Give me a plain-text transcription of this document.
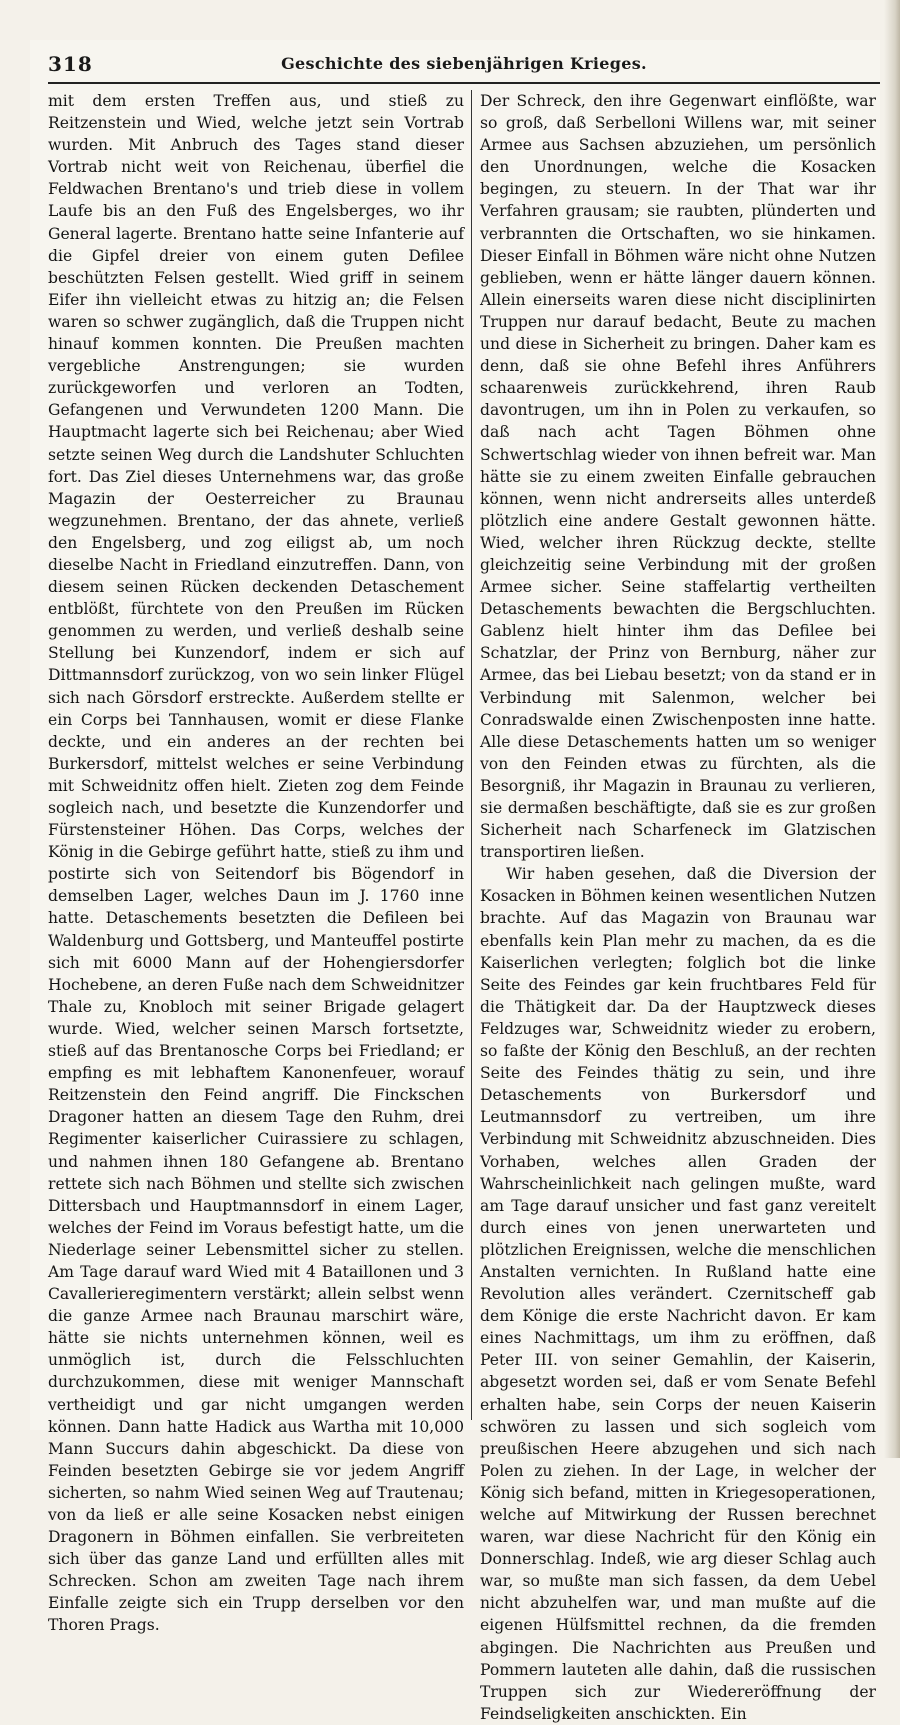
318	Geschichte des siebenjährigen Krieges.

mit dem ersten Treffen aus, und stieß zu Reitzenstein und Wied, welche jetzt sein Vortrab wurden. Mit Anbruch des Tages stand dieser Vortrab nicht weit von Reichenau, überfiel die Feldwachen Brentano's und trieb diese in vollem Laufe bis an den Fuß des Engelsberges, wo ihr General lagerte. Brentano hatte seine Infanterie auf die Gipfel dreier von einem guten Defilee beschützten Felsen gestellt. Wied griff in seinem Eifer ihn vielleicht etwas zu hitzig an; die Felsen waren so schwer zugänglich, daß die Truppen nicht hinauf kommen konnten. Die Preußen machten vergebliche Anstrengungen; sie wurden zurückgeworfen und verloren an Todten, Gefangenen und Verwundeten 1200 Mann. Die Hauptmacht lagerte sich bei Reichenau; aber Wied setzte seinen Weg durch die Landshuter Schluchten fort. Das Ziel dieses Unternehmens war, das große Magazin der Oesterreicher zu Braunau wegzunehmen. Brentano, der das ahnete, verließ den Engelsberg, und zog eiligst ab, um noch dieselbe Nacht in Friedland einzutreffen. Dann, von diesem seinen Rücken deckenden Detaschement entblößt, fürchtete von den Preußen im Rücken genommen zu werden, und verließ deshalb seine Stellung bei Kunzendorf, indem er sich auf Dittmannsdorf zurückzog, von wo sein linker Flügel sich nach Görsdorf erstreckte. Außerdem stellte er ein Corps bei Tannhausen, womit er diese Flanke deckte, und ein anderes an der rechten bei Burkersdorf, mittelst welches er seine Verbindung mit Schweidnitz offen hielt. Zieten zog dem Feinde sogleich nach, und besetzte die Kunzendorfer und Fürstensteiner Höhen. Das Corps, welches der König in die Gebirge geführt hatte, stieß zu ihm und postirte sich von Seitendorf bis Bögendorf in demselben Lager, welches Daun im J. 1760 inne hatte. Detaschements besetzten die Defileen bei Waldenburg und Gottsberg, und Manteuffel postirte sich mit 6000 Mann auf der Hohengiersdorfer Hochebene, an deren Fuße nach dem Schweidnitzer Thale zu, Knobloch mit seiner Brigade gelagert wurde. Wied, welcher seinen Marsch fortsetzte, stieß auf das Brentanosche Corps bei Friedland; er empfing es mit lebhaftem Kanonenfeuer, worauf Reitzenstein den Feind angriff. Die Finckschen Dragoner hatten an diesem Tage den Ruhm, drei Regimenter kaiserlicher Cuirassiere zu schlagen, und nahmen ihnen 180 Gefangene ab. Brentano rettete sich nach Böhmen und stellte sich zwischen Dittersbach und Hauptmannsdorf in einem Lager, welches der Feind im Voraus befestigt hatte, um die Niederlage seiner Lebensmittel sicher zu stellen. Am Tage darauf ward Wied mit 4 Bataillonen und 3 Cavallerieregimentern verstärkt; allein selbst wenn die ganze Armee nach Braunau marschirt wäre, hätte sie nichts unternehmen können, weil es unmöglich ist, durch die Felsschluchten durchzukommen, diese mit weniger Mannschaft vertheidigt und gar nicht umgangen werden können. Dann hatte Hadick aus Wartha mit 10,000 Mann Succurs dahin abgeschickt. Da diese von Feinden besetzten Gebirge sie vor jedem Angriff sicherten, so nahm Wied seinen Weg auf Trautenau; von da ließ er alle seine Kosacken nebst einigen Dragonern in Böhmen einfallen. Sie verbreiteten sich über das ganze Land und erfüllten alles mit Schrecken. Schon am zweiten Tage nach ihrem Einfalle zeigte sich ein Trupp derselben vor den Thoren Prags.

Der Schreck, den ihre Gegenwart einflößte, war so groß, daß Serbelloni Willens war, mit seiner Armee aus Sachsen abzuziehen, um persönlich den Unordnungen, welche die Kosacken begingen, zu steuern. In der That war ihr Verfahren grausam; sie raubten, plünderten und verbrannten die Ortschaften, wo sie hinkamen. Dieser Einfall in Böhmen wäre nicht ohne Nutzen geblieben, wenn er hätte länger dauern können. Allein einerseits waren diese nicht disciplinirten Truppen nur darauf bedacht, Beute zu machen und diese in Sicherheit zu bringen. Daher kam es denn, daß sie ohne Befehl ihres Anführers schaarenweis zurückkehrend, ihren Raub davontrugen, um ihn in Polen zu verkaufen, so daß nach acht Tagen Böhmen ohne Schwertschlag wieder von ihnen befreit war. Man hätte sie zu einem zweiten Einfalle gebrauchen können, wenn nicht andrerseits alles unterdeß plötzlich eine andere Gestalt gewonnen hätte. Wied, welcher ihren Rückzug deckte, stellte gleichzeitig seine Verbindung mit der großen Armee sicher. Seine staffelartig vertheilten Detaschements bewachten die Bergschluchten. Gablenz hielt hinter ihm das Defilee bei Schatzlar, der Prinz von Bernburg, näher zur Armee, das bei Liebau besetzt; von da stand er in Verbindung mit Salenmon, welcher bei Conradswalde einen Zwischenposten inne hatte. Alle diese Detaschements hatten um so weniger von den Feinden etwas zu fürchten, als die Besorgniß, ihr Magazin in Braunau zu verlieren, sie dermaßen beschäftigte, daß sie es zur großen Sicherheit nach Scharfeneck im Glatzischen transportiren ließen.

Wir haben gesehen, daß die Diversion der Kosacken in Böhmen keinen wesentlichen Nutzen brachte. Auf das Magazin von Braunau war ebenfalls kein Plan mehr zu machen, da es die Kaiserlichen verlegten; folglich bot die linke Seite des Feindes gar kein fruchtbares Feld für die Thätigkeit dar. Da der Hauptzweck dieses Feldzuges war, Schweidnitz wieder zu erobern, so faßte der König den Beschluß, an der rechten Seite des Feindes thätig zu sein, und ihre Detaschements von Burkersdorf und Leutmannsdorf zu vertreiben, um ihre Verbindung mit Schweidnitz abzuschneiden. Dies Vorhaben, welches allen Graden der Wahrscheinlichkeit nach gelingen mußte, ward am Tage darauf unsicher und fast ganz vereitelt durch eines von jenen unerwarteten und plötzlichen Ereignissen, welche die menschlichen Anstalten vernichten. In Rußland hatte eine Revolution alles verändert. Czernitscheff gab dem Könige die erste Nachricht davon. Er kam eines Nachmittags, um ihm zu eröffnen, daß Peter III. von seiner Gemahlin, der Kaiserin, abgesetzt worden sei, daß er vom Senate Befehl erhalten habe, sein Corps der neuen Kaiserin schwören zu lassen und sich sogleich vom preußischen Heere abzugehen und sich nach Polen zu ziehen. In der Lage, in welcher der König sich befand, mitten in Kriegesoperationen, welche auf Mitwirkung der Russen berechnet waren, war diese Nachricht für den König ein Donnerschlag. Indeß, wie arg dieser Schlag auch war, so mußte man sich fassen, da dem Uebel nicht abzuhelfen war, und man mußte auf die eigenen Hülfsmittel rechnen, da die fremden abgingen. Die Nachrichten aus Preußen und Pommern lauteten alle dahin, daß die russischen Truppen sich zur Wiedereröffnung der Feindseligkeiten anschickten. Ein
